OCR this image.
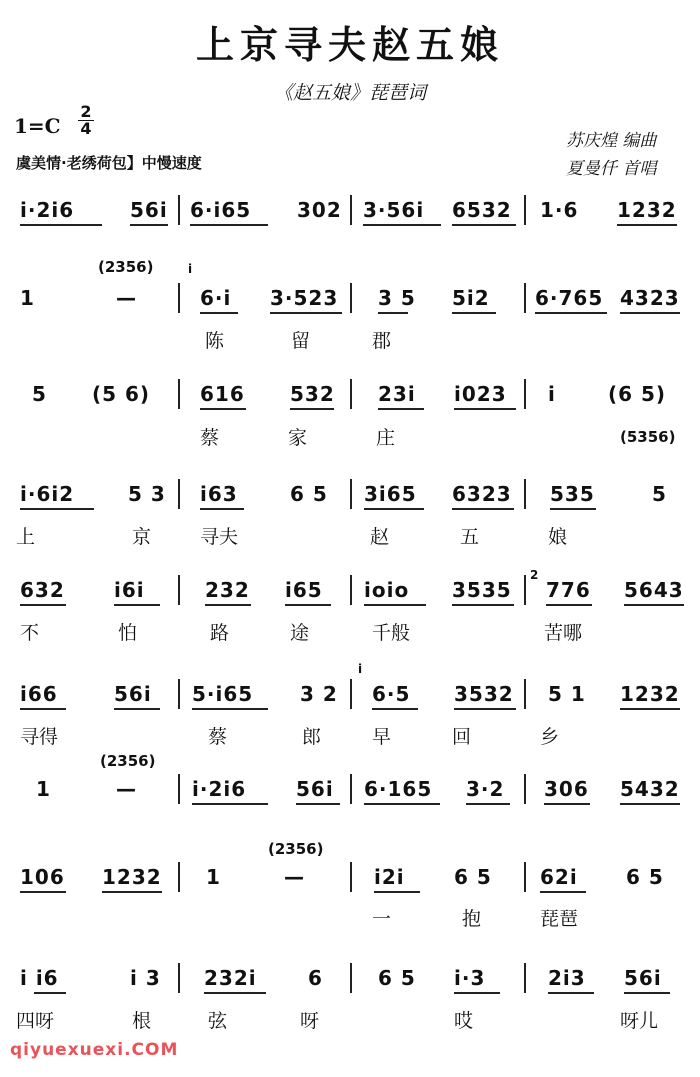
上京寻夫赵五娘
《赵五娘》琵琶词
1=C
2
4
虞美情·老绣荷包】中慢速度
苏庆煌 编曲
夏曼仟 首唱
i·2i6	56i 6·i65 302 3·56i 6532 1·6 1232
(2356)	i
1	—	6·i 3·523 3 5 5i2 6·765 4323
陈	留	郡
5 (5 6) 616 532 23i i023 i	(6 5)
(5356)
蔡	家	庄
i·6i2	5 3 i63	6 5 3i65 6323 535	5
上	京	寻夫	赵	五	娘
2
632 i6i	232 i65 ioio 3535 776 5643
不	怕	路	途	千般	苦哪
i
i66	56i 5·i65 3 2 6·5 3532 5 1 1232
寻得	蔡	郎	早	回	乡
(2356)
1	—	i·2i6 56i 6·165 3·2 306 5432
(2356)
106 1232 1	—	i2i 6 5 62i 6 5
一	抱	琵琶
i i6	i 3 232i	6	6 5 i·3	2i3 56i
四呀	根	弦	呀	哎	呀儿
qiyuexuexi.COM
